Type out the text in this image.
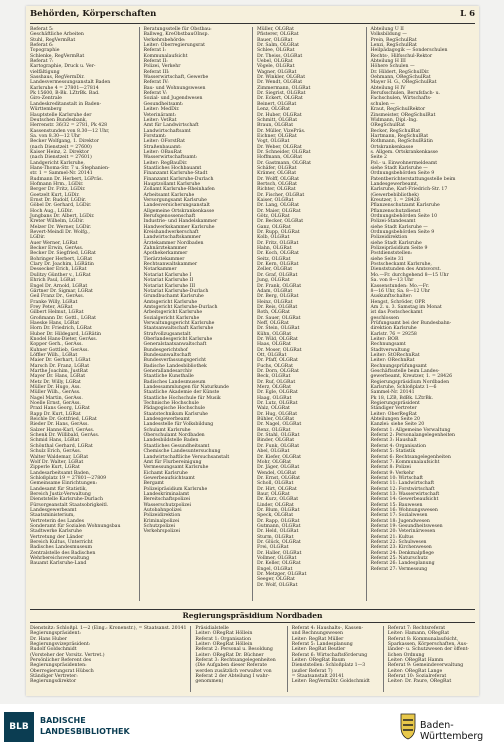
Behörden, Körperschaften	L 6
Referat 5:
Geschäftliche Arbeiten
Stuhl, RegVermRat
Referat 6:
Topographie
Schlenke, RegVermRat
Referat 7:
Kartographie, Druck u. Ver-
vielfältigung
Sasshaus, RegVermDir.
Landesvermessungsanstalt Baden
Karlsruhe 4 = 27801—27814
Pk 15600, B-Bk. LZtrBk. Bad.
Giro-Zentrale
Landeskreditanstalt in Baden-
Württemberg
Hauptstelle Karlsruhe der
Deutschen Bundesbank,
Herrenstr. 36/32 = 2781, Pk 428
Kassenstunden von 8.30—12 Uhr,
Sa. von 8.30—12 Uhr
Becker Wolfgang, 1. Direktor
(nach Dienstzeit = 27600)
Kaiser Heinz, 2. Direktor
(nach Dienstzeit = 27601)
Landgericht Karlsruhe,
Hans-Thoma-Str. 7 u. Stephanien-
str. 1 = Sammel-Nr. 20141
Rudmann Dr. Herbert, LGPräs.
Hofmann Hrm., LGDir.
Berger Dr. Fritz, LGDir.
Goetzelt Kurt, LGDir.
Ernst Dr. Rudolf, LGDir.
Göbel Dr. Gerhard, LGDir.
Hoch Aug., LGDir.
Jungbans Dr. Albert, LGDir.
Kreter Wilhelm, LGDir.
Melzer Dr. Werner, LGDir.
Revert-Meindl Dr. Wolfg.,
LGDir.
Auer Werner, LGRat
Becker Erwin, GerAss.
Becker Dr. Siegfried, LGRat
Bohringer Herbert, LGRat
Clary Dr. Joachim, LGRätin
Dessecker Erich, LGRat
Dulitzy Günther v., LGRat
Ehrich Paul, LGRat
Engel Dr. Arnold, LGRat
Gärtner Dr. Sigmar, LGRat
Geil Franz Dr., GerAss.
Franke Willy, LGRat
Frey Peter, AGRat
Gilbert Helmut, LGRat
Großmann Dr. Gottl., LGRat
Haeske Hans, LGRat
Horn Dr. Friedrich, LGRat
Huber Dr. Hildegard, LGRätin
Knodel Hans-Dieter, GerAss.
Kopper Gerh., GerAss.
Kuhner Gottlieb, GerAss.
Löffler Wilh., LGRat
Maier Dr. Gerhart, LGRat
Marsch Dr. Franz, LGRat
Marthe Joachim, JustRat
Mayer Dr. Hans, LGRat
Metz Dr. Willy, LGRat
Müller Dr. Hugo, Ass.
Müller Wilh., GerAss.
Nagel Martin, GerAss.
Noelle Ernst, GerAss.
Praxl Hans Georg, LGRat
Rapp Dr. Kurt, LGRat
Reichle Dr. Gottfried, LGRat
Rieder Dr. Hans, GerAss.
Salzer Hanns-Karl, GerAss.
Schenk Dr. Willibald, GerAss.
Schmid Hans, LGRat
Schönthal Gerhard, LGRat
Schulz Erich, GerAss.
Walter Waldemar, LGRat
Wolf Dr. Walter, LGRat
Zipperle Kurt, LGRat
Landesarbeitsamt Baden,
Schloßplatz 19 = 27801—27809
Gemeinsame Einrichtungen:
Landesamt für Statistik,
Bereich Justiz-Verwaltung
Dienststelle Karlsruhe-Durlach
Fürsorgeanstalt Staatsobrigkeitl.
Landesgewerbeamt
Staatsministerium,
Vertreterin des Landes
Sonderamt für Sozialen Wohnungsbau
Stadtwerke Karlsruhe
Vertretung der Länder
Bereich Kultus, Unterricht
Badisches Landesmuseum
Zentralstelle des Badischen
Wehrbereichsverwaltung
Bauamt Karlsruhe-Land
Beratungsstelle für Obstbau:
Ballweg, KreObstbauOInsp.
Verkehrsbehörde:
Leiter: Oberregierungsrat
Referat I:
Kommunalaufsicht
Referat II:
Polizei, Verkehr
Referat III:
Wasserwirtschaft, Gewerbe
Referat IV:
Bau- und Wohnungswesen
Referat V:
Sozial- und Jugendwesen
Gesundheitsamt:
Leiter: MedDir.
Veterinäramt:
Leiter: VetRat
Amt für Landwirtschaft
Landwirtschaftsamt
Forstamt:
Leiter: OForstRat
Straßenbauamt:
Leiter: OBauRat
Wasserwirtschaftsamt:
Leiter: RegBauDir.
Staatliches Hochbauamt
Finanzamt Karlsruhe-Stadt
Finanzamt Karlsruhe-Durlach
Hauptzollamt Karlsruhe
Zollamt Karlsruhe-Rheinhafen
Arbeitsamt Karlsruhe
Versorgungsamt Karlsruhe
Landesversicherungsanstalt
Allgemeine Ortskrankenkasse
Berufsgenossenschaft
Industrie- und Handelskammer
Handwerkskammer Karlsruhe
Kreishandwerkerschaft
Landwirtschaftskammer
Ärztekammer Nordbaden
Zahnärztekammer
Apothekerkammer
Tierärztekammer
Rechtsanwaltskammer
Notarkammer
Notariat Karlsruhe I
Notariat Karlsruhe II
Notariat Karlsruhe III
Notariat Karlsruhe-Durlach
Grundbuchamt Karlsruhe
Amtsgericht Karlsruhe
Amtsgericht Karlsruhe-Durlach
Arbeitsgericht Karlsruhe
Sozialgericht Karlsruhe
Verwaltungsgericht Karlsruhe
Staatsanwaltschaft Karlsruhe
Strafvollzugsanstalt
Oberlandesgericht Karlsruhe
Generalstaatsanwaltschaft
Bundesgerichtshof
Bundesanwaltschaft
Bundesverfassungsgericht
Badische Landesbibliothek
Generallandesarchiv
Staatliche Kunsthalle
Badisches Landesmuseum
Landessammlungen für Naturkunde
Staatliche Akademie der Künste
Staatliche Hochschule für Musik
Technische Hochschule
Pädagogische Hochschule
Staatstechnikum Karlsruhe
Landesgewerbeamt
Landesstelle für Volksbildung
Schulamt Karlsruhe
Oberschulamt Nordbaden
Landesbildstelle Baden
Staatliches Gesundheitsamt
Chemische Landesuntersuchung
Landwirtschaftliche Versuchsanstalt
Amt für Flurbereinigung
Vermessungsamt Karlsruhe
Eichamt Karlsruhe
Gewerbeaufsichtsamt
Bergamt
Polizeipräsidium Karlsruhe
Landeskriminalamt
Bereitschaftspolizei
Wasserschutzpolizei
Autobahnpolizei
Polizeidirektion
Kriminalpolizei
Schutzpolizei
Verkehrspolizei
Müller, OLGRat
Pfisterer, OLGRat
Bauer, OLGRat
Dr. Salm, OLGRat
Schlee, OLGRat
Dr. Theiss, OLGRat
Uebel, OLGRat
Vögele, OLGRat
Wagner, OLGRat
Dr. Winkler, OLGRat
Dr. Wendt, OLGRat
Zimmermann, OLGRat
Dr. Siegrist, OLGRat
Dr. Eckert, OLGRat
Beinert, OLGRat
Lenz, OLGRat
Dr. Huber, OLGRat
Schmitt, OLGRat
Braun, OLGRat
Dr. Müller, VizePräs.
Eichner, OLGRat
Vogt, OLGRat
Dr. Weber, OLGRat
Dr. Schneider, OLGRat
Hoffmann, OLGRat
Dr. Gastmann, OLGRat
Schäfer, OLGRat
Krämer, OLGRat
Dr. Wolff, OLGRat
Bertsch, OLGRat
Richter, OLGRat
Dr. Fischer, OLGRat
Kaiser, OLGRat
Dr. Lang, OLGRat
Dr. Maier, OLGRat
Götz, OLGRat
Dr. Becker, OLGRat
Ganz, OLGRat
Dr. Rupp, OLGRat
Kolb, OLGRat
Dr. Fritz, OLGRat
Hahn, OLGRat
Dr. Koch, OLGRat
Seitz, OLGRat
Dr. Kern, OLGRat
Zeller, OLGRat
Dr. Graf, OLGRat
Jung, OLGRat
Dr. Frank, OLGRat
Adam, OLGRat
Dr. Berg, OLGRat
Heinz, OLGRat
Dr. Reis, OLGRat
Roth, OLGRat
Dr. Sauer, OLGRat
Neff, OLGRat
Dr. Stein, OLGRat
Kühn, OLGRat
Dr. Wild, OLGRat
Haas, OLGRat
Dr. Moser, OLGRat
Ott, OLGRat
Dr. Pfaff, OLGRat
Fuchs, OLGRat
Dr. Dorn, OLGRat
Beck, OLGRat
Dr. Ruf, OLGRat
Merz, OLGRat
Dr. Egle, OLGRat
Haag, OLGRat
Dr. Lutz, OLGRat
Walz, OLGRat
Dr. Hug, OLGRat
Bühler, OLGRat
Dr. Nagel, OLGRat
Renz, OLGRat
Dr. Stahl, OLGRat
Binder, OLGRat
Dr. Funk, OLGRat
Abel, OLGRat
Dr. Kiefer, OLGRat
Mohr, OLGRat
Dr. Jäger, OLGRat
Wendel, OLGRat
Dr. Ernst, OLGRat
Scholl, OLGRat
Dr. Hirt, OLGRat
Baur, OLGRat
Dr. Kurz, OLGRat
Linder, OLGRat
Dr. Blum, OLGRat
Speck, OLGRat
Dr. Rapp, OLGRat
Gutmann, OLGRat
Dr. Held, OLGRat
Sturm, OLGRat
Dr. Glück, OLGRat
Frei, OLGRat
Dr. Haller, OLGRat
Vollmer, OLGRat
Dr. Keller, OLGRat
Engel, OLGRat
Dr. Metzger, OLGRat
Seeger, OLGRat
Dr. Wolf, OLGRat
Abteilung U II
Volksbildung —
Prein, RegSchulRat
Lenzi, RegSchulRat
Heilpädagogik — Sonderschulen
Rechts-, Hilfsschul-Rektor
Abteilung H III
Höhere Schulen —
Dr. Hildert, RegSchulDir.
Oehmann, ORegSchulRat
Mayer H. G., ORegSchulRat
Abteilung H IV
Berufsschulen, Berufsfach- u.
Fachschulen, Wirtschafts-
schulen —
Kraut, RegSchulRektor
Zinsmeister, ORegSchulRat
Widmann, Dipl.-Ing.
ORegSchulRat
Becker, RegSchulRat
Hartmann, RegSchulRat
Rothmann, RegSchulRätin
Ortskrankenkasse
s. Allgem. Ortskrankenkasse
Seite 2
Pol.- u. Einwohnermeldeamt
siehe Stadt Karlsruhe —
Ordnungsbehörden Seite 9
Patentberichterstattungsstelle beim
Landesgewerbeamt,
Karlsruhe, Karl-Friedrich-Str. 17
(Gewerbebibliothek)
Kreutzer, 1. = 28426
Pflanzenschutzamt Karlsruhe
Pflanzenschutzdienst
Ordnungsbehörden Seite 10
Polizei-Standesamt
siehe Stadt Karlsruhe —
Ordnungsbehörden Seite 9
Polizeidirektion
siehe Stadt Karlsruhe
Polizeipräsidium Seite 9
Postdienststellen:
siehe Seite 31
Postscheckamt Karlsruhe,
Dienststunden des Amtsvorst.
Mo.—Fr. durchgehend 8—15 Uhr
Sa. von 8—13 Uhr
Kassenstunden: Mo.—Fr.
8—16 Uhr, Sa. 8—12 Uhr
Auskunftschalter:
Hengst, Schröder, OPR
Am 2. u. 3. Samstag im Monat
ist das Postscheckamt
geschlossen
Prüfungsamt bei der Bundesbahn-
direktion Karlsruhe
Karlstr. 76 = 29258
Leiter: BOR
Rechnungsamt
Stadtverwaltung
Leiter: StORechnRat
Leiter: ORechnRat
Rechnungsprüfungsamt
Geschäftsstelle beim Landes-
gewerbeamt, Kreutzer, 1. = 28426
Regierungspräsidium Nordbaden
Karlsruhe, Schloßplatz 1—6
Sammel-Nr. 20141
Pk 18, LZB, BdBk. LZtrBk.
Regierungspräsident
Ständiger Vertreter
Leiter: OberRegRat
Abteilungen Seite 20
Kanzlei: siehe Seite 20
Referat 1: Allgemeine Verwaltung
Referat 2: Personalangelegenheiten
Referat 3: Haushalt
Referat 4: Organisation
Referat 5: Statistik
Referat 6: Rechtsangelegenheiten
Referat 7: Kommunalaufsicht
Referat 8: Polizei
Referat 9: Verkehr
Referat 10: Wirtschaft
Referat 11: Landwirtschaft
Referat 12: Forstwirtschaft
Referat 13: Wasserwirtschaft
Referat 14: Gewerbeaufsicht
Referat 15: Bauwesen
Referat 16: Wohnungswesen
Referat 17: Sozialwesen
Referat 18: Jugendwesen
Referat 19: Gesundheitswesen
Referat 20: Veterinärwesen
Referat 21: Kultus
Referat 22: Schulwesen
Referat 23: Kirchenwesen
Referat 24: Denkmalpflege
Referat 25: Naturschutz
Referat 26: Landesplanung
Referat 27: Vermessung
Regierungspräsidium Nordbaden
Dienstsitz: Schloßpl. 1—2 (Eing.: Kronenstr.), = Staatsanst. 20141
Regierungspräsident:
Dr. Hans Huber
Regierungsvizepräsident:
Rudolf Goldschmidt
(Vorsteher der Vorsitz. Vertret.)
Persönlicher Referent des
Regierungspräsidenten:
Oberregierungsrat Hübsch
Ständiger Vertreter:
Regierungsdirektor
Präsidialstelle
Leiter: ORegRat Höllein
Referat 1: Organisation
Leiter: ORegRat Höllein
Referat 2: Personal u. Besoldung
Leiter: ORegRat Dr. Büchner
Referat 3: Rechtsangelegenheiten
(Die Aufgaben dieser Referate
werden zusätzlich verwaltet von
Referat 2 der Abteilung I wahr-
genommen)
Referat 4: Haushalts-, Kassen-
und Rechnungswesen
Leiter: RegRat Müller
Referat 5: Landesplanung
Leiter: RegRat Beutler
Referat 6: Wirtschaftsförderung
Leiter: ORegRat Baum
Dienststellen: Schloßplatz 1—3
(außer Referat 7)
= Staatsanstalt 20141
Leiter: RegVermDir. Goldschmidt
Referat 7: Rechtsreferat
Leiter: Hamann, ORegRat
Referat 8: Kommunalaufsicht,
Sparkassen, Körperschaften, Aus-
länder- u. Schutzwesen der öffent-
lichen Ordnung
Leiter: ORegRat Hamm
Referat 9: Gemeindeverwaltung
Leiter: ORegRat Lange
Referat 10: Sozialreferat
Leiter: Dr. Paure, ORegRat
BLB
BADISCHE
LANDESBIBLIOTHEK
Baden-Württemberg
